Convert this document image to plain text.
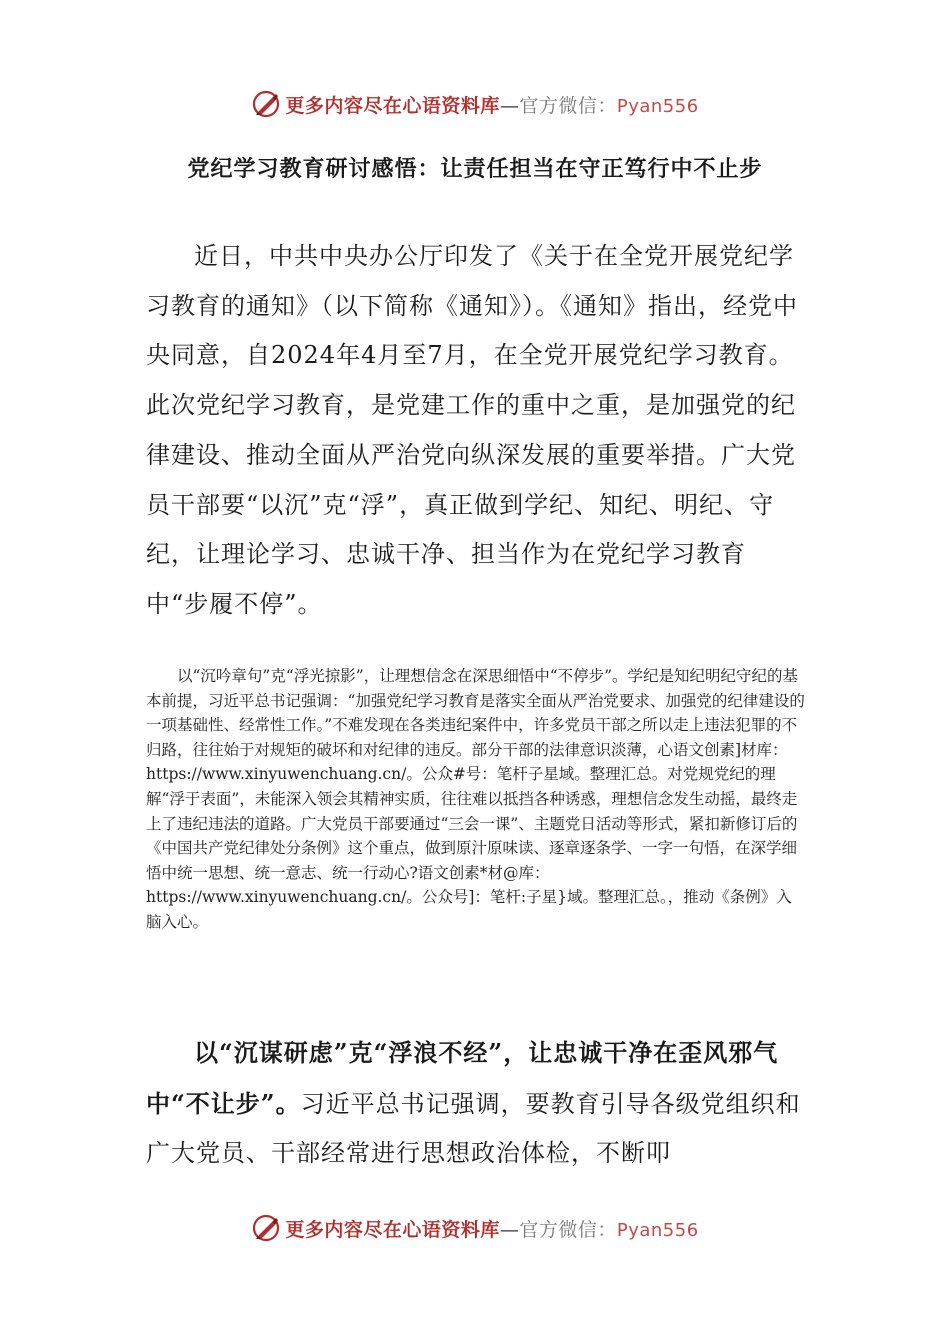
更多内容尽在心语资料库—官方微信：Pyan556
党纪学习教育研讨感悟：让责任担当在守正笃行中不止步

近日，中共中央办公厅印发了《关于在全党开展党纪学习教育的通知》（以下简称《通知》）。《通知》指出，经党中央同意，自2024年4月至7月，在全党开展党纪学习教育。此次党纪学习教育，是党建工作的重中之重，是加强党的纪律建设、推动全面从严治党向纵深发展的重要举措。广大党员干部要“以沉”克“浮”，真正做到学纪、知纪、明纪、守纪，让理论学习、忠诚干净、担当作为在党纪学习教育中“步履不停”。

以“沉吟章句”克“浮光掠影”，让理想信念在深思细悟中“不停步”。学纪是知纪明纪守纪的基本前提，习近平总书记强调：“加强党纪学习教育是落实全面从严治党要求、加强党的纪律建设的一项基础性、经常性工作。”不难发现在各类违纪案件中，许多党员干部之所以走上违法犯罪的不归路，往往始于对规矩的破坏和对纪律的违反。部分干部的法律意识淡薄，心语文创素]材库：https://www.xinyuwenchuang.cn/。公众#号：笔杆子星域。整理汇总。对党规党纪的理解“浮于表面”，未能深入领会其精神实质，往往难以抵挡各种诱惑，理想信念发生动摇，最终走上了违纪违法的道路。广大党员干部要通过“三会一课”、主题党日活动等形式，紧扣新修订后的《中国共产党纪律处分条例》这个重点，做到原汁原味读、逐章逐条学、一字一句悟，在深学细悟中统一思想、统一意志、统一行动心?语文创素*材@库：https://www.xinyuwenchuang.cn/。公众号]：笔杆:子星}域。整理汇总。，推动《条例》入脑入心。

以“沉谋研虑”克“浮浪不经”，让忠诚干净在歪风邪气中“不让步”。习近平总书记强调，要教育引导各级党组织和广大党员、干部经常进行思想政治体检，不断叩

更多内容尽在心语资料库—官方微信：Pyan556
